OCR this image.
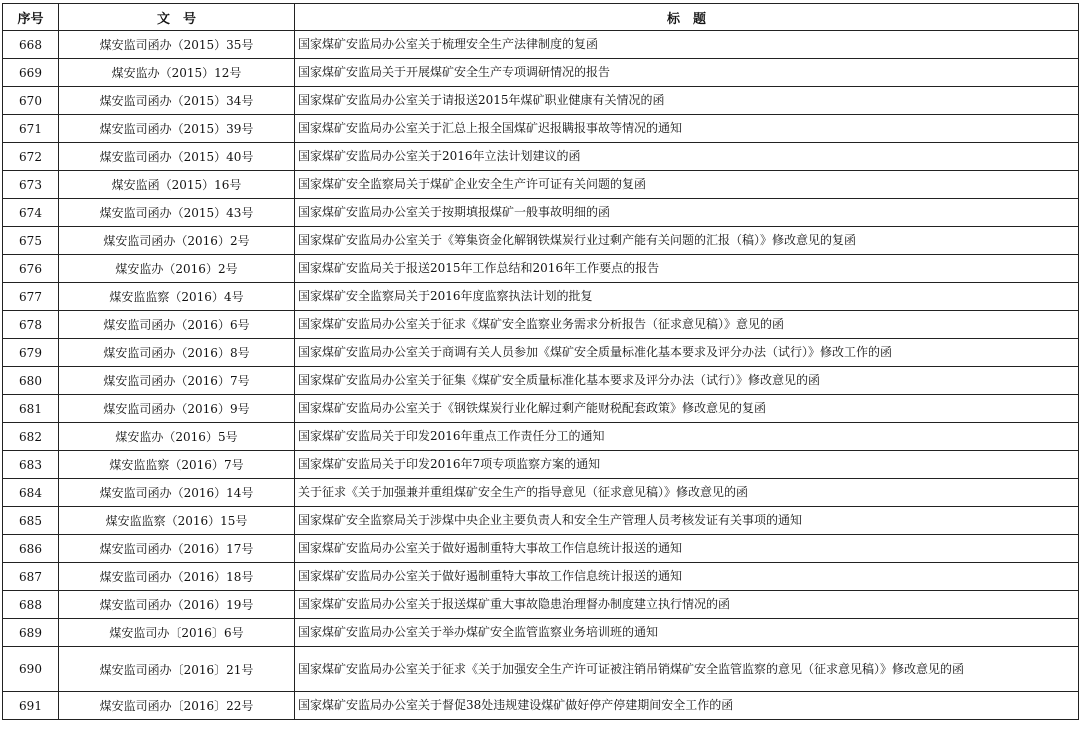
序号	文　号	标　题
668	煤安监司函办（2015）35号	国家煤矿安监局办公室关于梳理安全生产法律制度的复函
669	煤安监办（2015）12号	国家煤矿安监局关于开展煤矿安全生产专项调研情况的报告
670	煤安监司函办（2015）34号	国家煤矿安监局办公室关于请报送2015年煤矿职业健康有关情况的函
671	煤安监司函办（2015）39号	国家煤矿安监局办公室关于汇总上报全国煤矿迟报瞒报事故等情况的通知
672	煤安监司函办（2015）40号	国家煤矿安监局办公室关于2016年立法计划建议的函
673	煤安监函（2015）16号	国家煤矿安全监察局关于煤矿企业安全生产许可证有关问题的复函
674	煤安监司函办（2015）43号	国家煤矿安监局办公室关于按期填报煤矿一般事故明细的函
675	煤安监司函办（2016）2号	国家煤矿安监局办公室关于《筹集资金化解钢铁煤炭行业过剩产能有关问题的汇报（稿）》修改意见的复函
676	煤安监办（2016）2号	国家煤矿安监局关于报送2015年工作总结和2016年工作要点的报告
677	煤安监监察（2016）4号	国家煤矿安全监察局关于2016年度监察执法计划的批复
678	煤安监司函办（2016）6号	国家煤矿安监局办公室关于征求《煤矿安全监察业务需求分析报告（征求意见稿）》意见的函
679	煤安监司函办（2016）8号	国家煤矿安监局办公室关于商调有关人员参加《煤矿安全质量标准化基本要求及评分办法（试行）》修改工作的函
680	煤安监司函办（2016）7号	国家煤矿安监局办公室关于征集《煤矿安全质量标准化基本要求及评分办法（试行）》修改意见的函
681	煤安监司函办（2016）9号	国家煤矿安监局办公室关于《钢铁煤炭行业化解过剩产能财税配套政策》修改意见的复函
682	煤安监办（2016）5号	国家煤矿安监局关于印发2016年重点工作责任分工的通知
683	煤安监监察（2016）7号	国家煤矿安监局关于印发2016年7项专项监察方案的通知
684	煤安监司函办（2016）14号	关于征求《关于加强兼并重组煤矿安全生产的指导意见（征求意见稿）》修改意见的函
685	煤安监监察（2016）15号	国家煤矿安全监察局关于涉煤中央企业主要负责人和安全生产管理人员考核发证有关事项的通知
686	煤安监司函办（2016）17号	国家煤矿安监局办公室关于做好遏制重特大事故工作信息统计报送的通知
687	煤安监司函办（2016）18号	国家煤矿安监局办公室关于做好遏制重特大事故工作信息统计报送的通知
688	煤安监司函办（2016）19号	国家煤矿安监局办公室关于报送煤矿重大事故隐患治理督办制度建立执行情况的函
689	煤安监司办〔2016〕6号	国家煤矿安监局办公室关于举办煤矿安全监管监察业务培训班的通知
690	煤安监司函办〔2016〕21号	国家煤矿安监局办公室关于征求《关于加强安全生产许可证被注销吊销煤矿安全监管监察的意见（征求意见稿）》修改意见的函
691	煤安监司函办〔2016〕22号	国家煤矿安监局办公室关于督促38处违规建设煤矿做好停产停建期间安全工作的函
